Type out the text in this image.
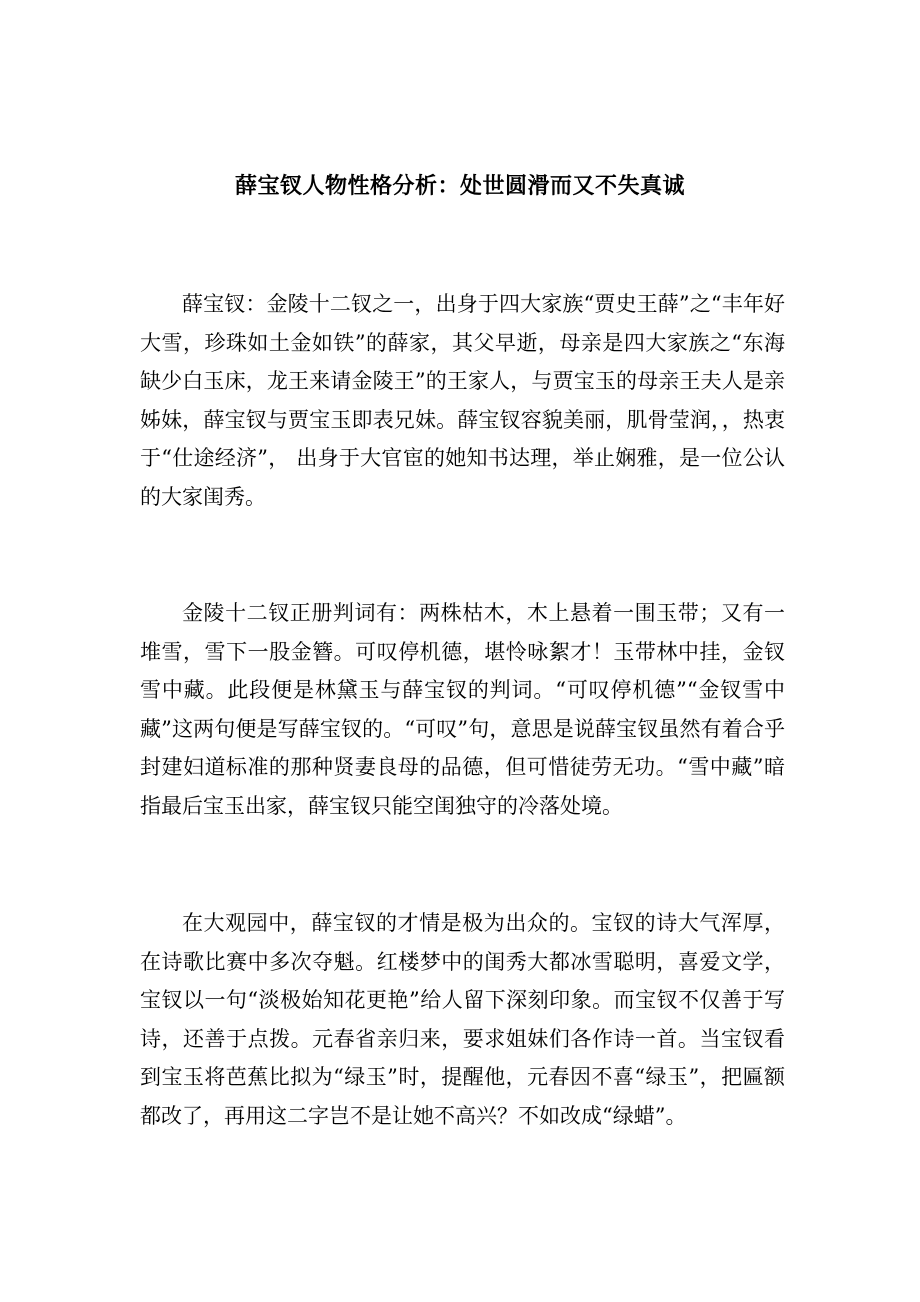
薛宝钗人物性格分析：处世圆滑而又不失真诚

薛宝钗：金陵十二钗之一，出身于四大家族“贾史王薛”之“丰年好大雪，珍珠如土金如铁”的薛家，其父早逝，母亲是四大家族之“东海缺少白玉床，龙王来请金陵王”的王家人，与贾宝玉的母亲王夫人是亲姊妹，薛宝钗与贾宝玉即表兄妹。薛宝钗容貌美丽，肌骨莹润，，热衷于“仕途经济”， 出身于大官宦的她知书达理，举止娴雅，是一位公认的大家闺秀。

金陵十二钗正册判词有：两株枯木，木上悬着一围玉带；又有一堆雪，雪下一股金簪。可叹停机德，堪怜咏絮才！玉带林中挂，金钗雪中藏。此段便是林黛玉与薛宝钗的判词。“可叹停机德”“金钗雪中藏”这两句便是写薛宝钗的。“可叹”句，意思是说薛宝钗虽然有着合乎封建妇道标准的那种贤妻良母的品德，但可惜徒劳无功。“雪中藏”暗指最后宝玉出家，薛宝钗只能空闺独守的冷落处境。

在大观园中，薛宝钗的才情是极为出众的。宝钗的诗大气浑厚，在诗歌比赛中多次夺魁。红楼梦中的闺秀大都冰雪聪明，喜爱文学，宝钗以一句“淡极始知花更艳”给人留下深刻印象。而宝钗不仅善于写诗，还善于点拨。元春省亲归来，要求姐妹们各作诗一首。当宝钗看到宝玉将芭蕉比拟为“绿玉”时，提醒他，元春因不喜“绿玉”，把匾额都改了，再用这二字岂不是让她不高兴？不如改成“绿蜡”。
